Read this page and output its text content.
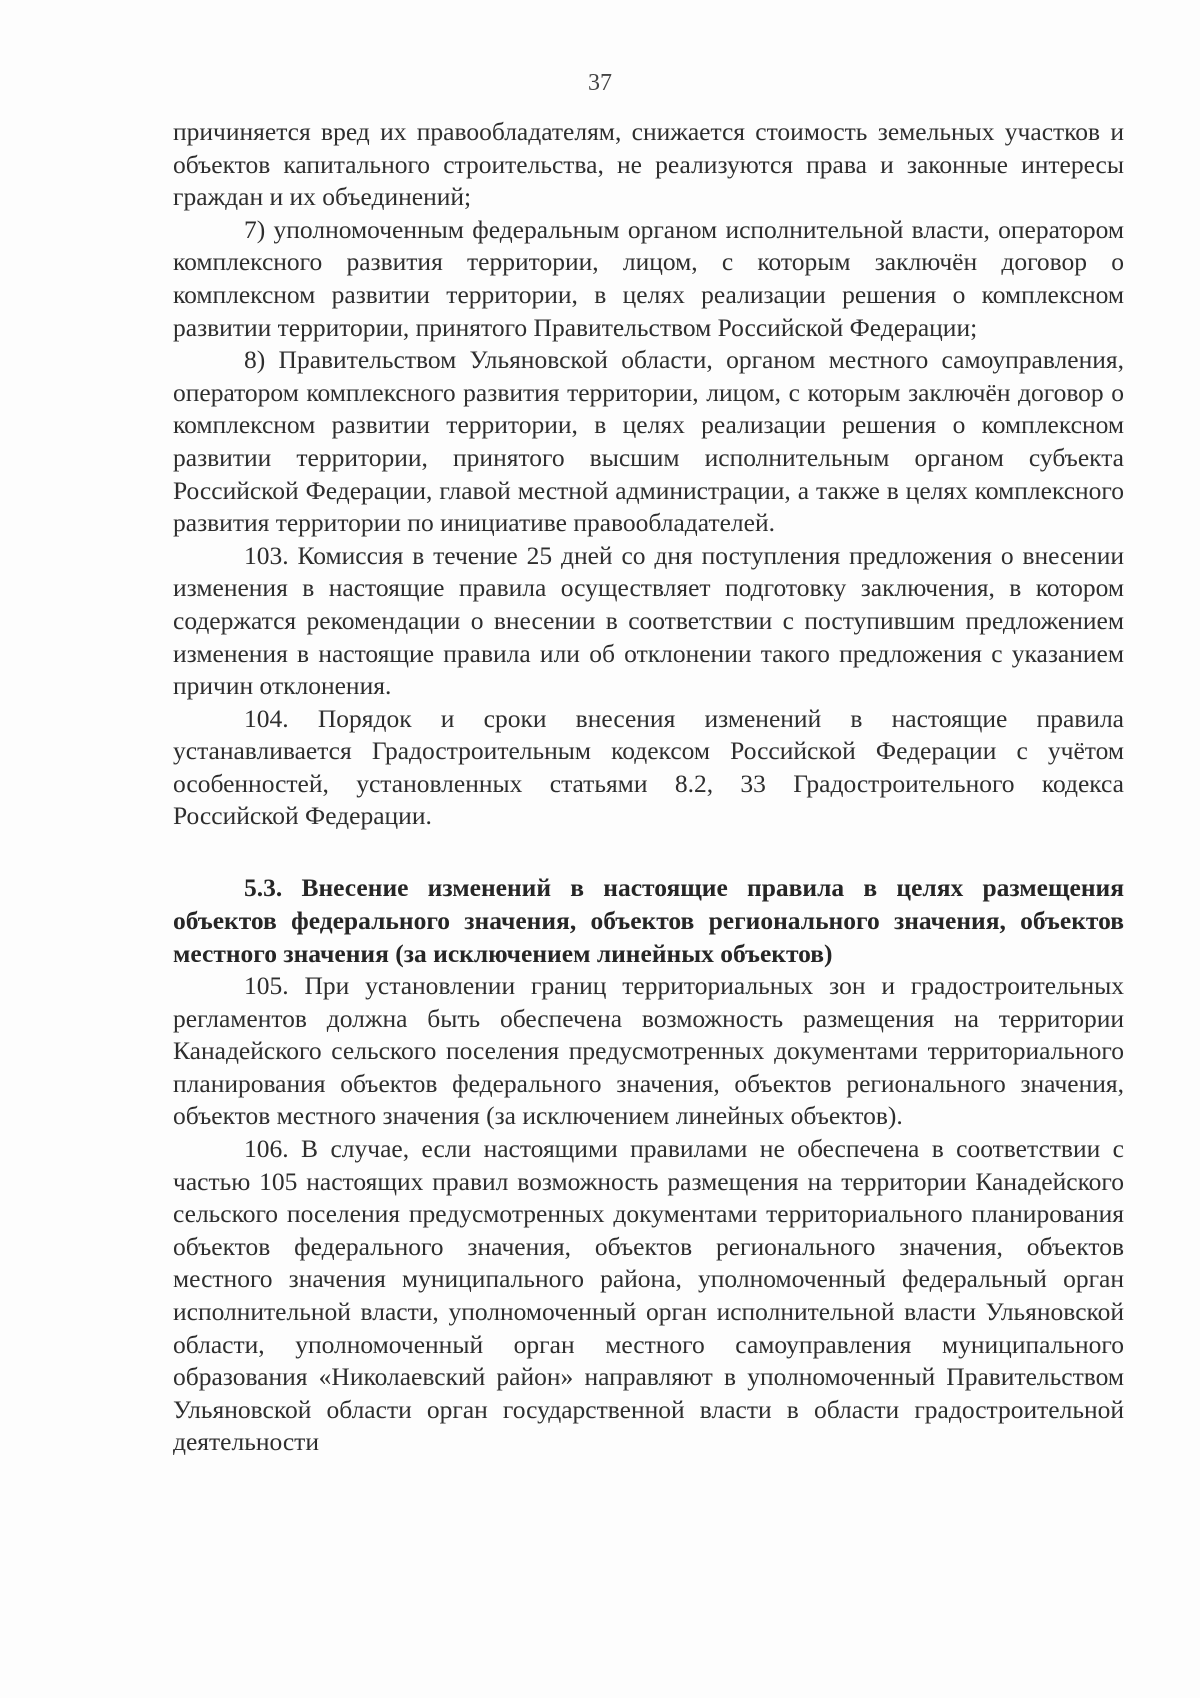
37

причиняется вред их правообладателям, снижается стоимость земельных участков и объектов капитального строительства, не реализуются права и законные интересы граждан и их объединений;

7) уполномоченным федеральным органом исполнительной власти, оператором комплексного развития территории, лицом, с которым заключён договор о комплексном развитии территории, в целях реализации решения о комплексном развитии территории, принятого Правительством Российской Федерации;

8) Правительством Ульяновской области, органом местного самоуправления, оператором комплексного развития территории, лицом, с которым заключён договор о комплексном развитии территории, в целях реализации решения о комплексном развитии территории, принятого высшим исполнительным органом субъекта Российской Федерации, главой местной администрации, а также в целях комплексного развития территории по инициативе правообладателей.

103. Комиссия в течение 25 дней со дня поступления предложения о внесении изменения в настоящие правила осуществляет подготовку заключения, в котором содержатся рекомендации о внесении в соответствии с поступившим предложением изменения в настоящие правила или об отклонении такого предложения с указанием причин отклонения.

104. Порядок и сроки внесения изменений в настоящие правила устанавливается Градостроительным кодексом Российской Федерации с учётом особенностей, установленных статьями 8.2, 33 Градостроительного кодекса Российской Федерации.

5.3. Внесение изменений в настоящие правила в целях размещения объектов федерального значения, объектов регионального значения, объектов местного значения (за исключением линейных объектов)

105. При установлении границ территориальных зон и градостроительных регламентов должна быть обеспечена возможность размещения на территории Канадейского сельского поселения предусмотренных документами территориального планирования объектов федерального значения, объектов регионального значения, объектов местного значения (за исключением линейных объектов).

106. В случае, если настоящими правилами не обеспечена в соответствии с частью 105 настоящих правил возможность размещения на территории Канадейского сельского поселения предусмотренных документами территориального планирования объектов федерального значения, объектов регионального значения, объектов местного значения муниципального района, уполномоченный федеральный орган исполнительной власти, уполномоченный орган исполнительной власти Ульяновской области, уполномоченный орган местного самоуправления муниципального образования «Николаевский район» направляют в уполномоченный Правительством Ульяновской области орган государственной власти в области градостроительной деятельности
